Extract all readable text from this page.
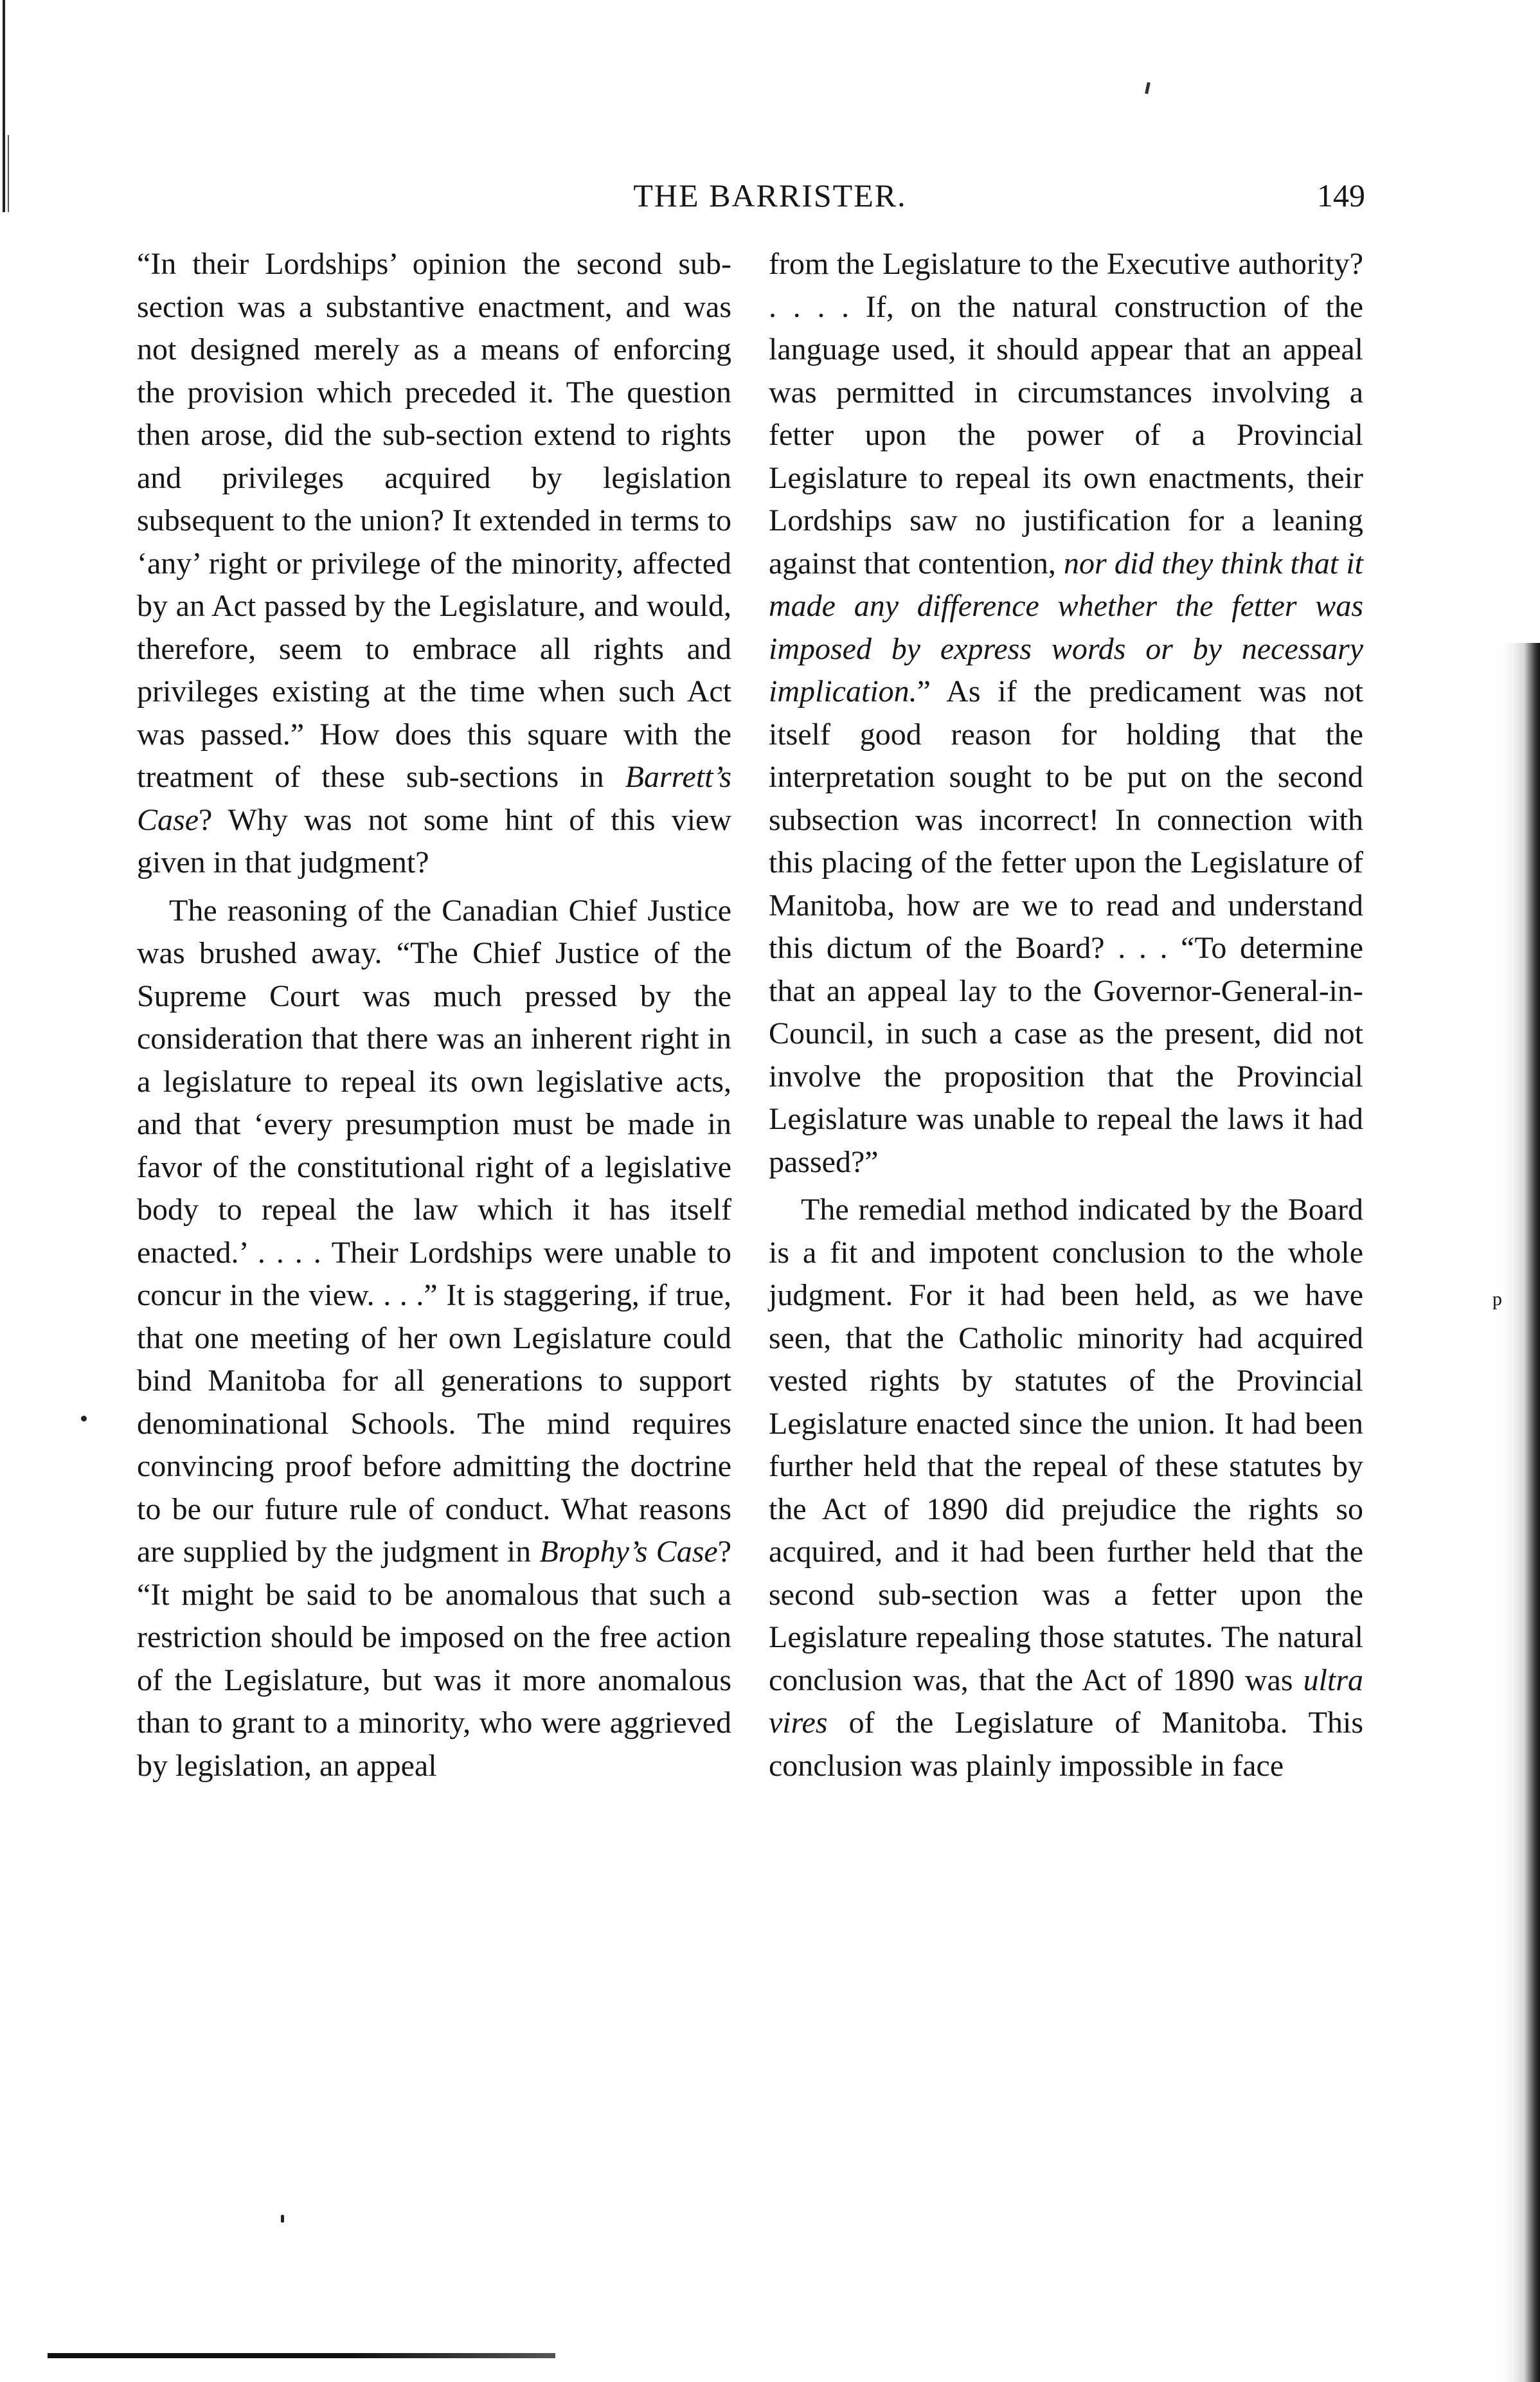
THE BARRISTER.	149

“In their Lordships’ opinion the second sub-section was a substantive enactment, and was not designed merely as a means of enforcing the provision which preceded it. The question then arose, did the sub-section extend to rights and privileges acquired by legislation subsequent to the union? It extended in terms to ‘any’ right or privilege of the minority, affected by an Act passed by the Legislature, and would, therefore, seem to embrace all rights and privileges existing at the time when such Act was passed.” How does this square with the treatment of these sub-sections in Barrett’s Case? Why was not some hint of this view given in that judgment?

The reasoning of the Canadian Chief Justice was brushed away. “The Chief Justice of the Supreme Court was much pressed by the consideration that there was an inherent right in a legislature to repeal its own legislative acts, and that ‘every presumption must be made in favor of the constitutional right of a legislative body to repeal the law which it has itself enacted.’ . . . . Their Lordships were unable to concur in the view. . . .” It is staggering, if true, that one meeting of her own Legislature could bind Manitoba for all generations to support denominational Schools. The mind requires convincing proof before admitting the doctrine to be our future rule of conduct. What reasons are supplied by the judgment in Brophy’s Case? “It might be said to be anomalous that such a restriction should be imposed on the free action of the Legislature, but was it more anomalous than to grant to a minority, who were aggrieved by legislation, an appeal

from the Legislature to the Executive authority? . . . . If, on the natural construction of the language used, it should appear that an appeal was permitted in circumstances involving a fetter upon the power of a Provincial Legislature to repeal its own enactments, their Lordships saw no justification for a leaning against that contention, nor did they think that it made any difference whether the fetter was imposed by express words or by necessary implication.” As if the predicament was not itself good reason for holding that the interpretation sought to be put on the second subsection was incorrect! In connection with this placing of the fetter upon the Legislature of Manitoba, how are we to read and understand this dictum of the Board? . . . “To determine that an appeal lay to the Governor-General-in-Council, in such a case as the present, did not involve the proposition that the Provincial Legislature was unable to repeal the laws it had passed?”

The remedial method indicated by the Board is a fit and impotent conclusion to the whole judgment. For it had been held, as we have seen, that the Catholic minority had acquired vested rights by statutes of the Provincial Legislature enacted since the union. It had been further held that the repeal of these statutes by the Act of 1890 did prejudice the rights so acquired, and it had been further held that the second sub-section was a fetter upon the Legislature repealing those statutes. The natural conclusion was, that the Act of 1890 was ultra vires of the Legislature of Manitoba. This conclusion was plainly impossible in face

p
